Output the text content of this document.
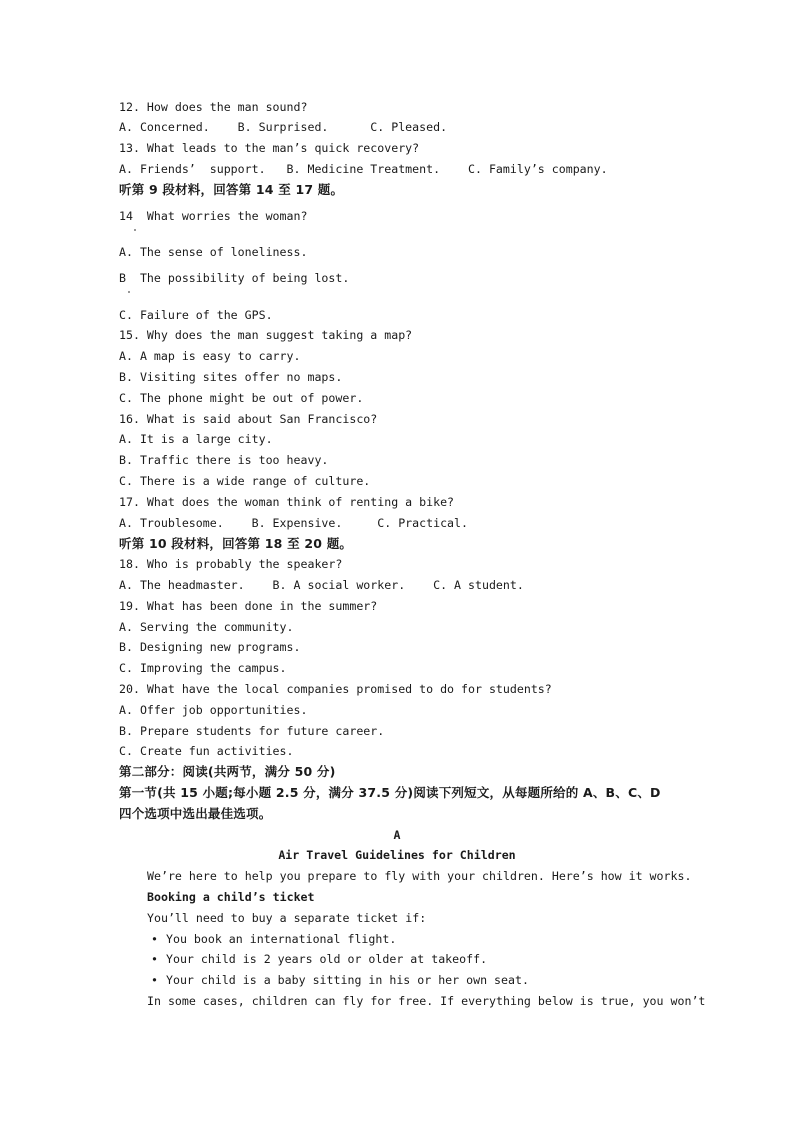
12. How does the man sound?
A. Concerned.    B. Surprised.      C. Pleased.
13. What leads to the man’s quick recovery?
A. Friends’  support.   B. Medicine Treatment.    C. Family’s company.
听第 9 段材料，回答第 14 至 17 题。
14  What worries the woman?
A. The sense of loneliness.
B  The possibility of being lost.
C. Failure of the GPS.
15. Why does the man suggest taking a map?
A. A map is easy to carry.
B. Visiting sites offer no maps.
C. The phone might be out of power.
16. What is said about San Francisco?
A. It is a large city.
B. Traffic there is too heavy.
C. There is a wide range of culture.
17. What does the woman think of renting a bike?
A. Troublesome.    B. Expensive.     C. Practical.
听第 10 段材料，回答第 18 至 20 题。
18. Who is probably the speaker?
A. The headmaster.    B. A social worker.    C. A student.
19. What has been done in the summer?
A. Serving the community.
B. Designing new programs.
C. Improving the campus.
20. What have the local companies promised to do for students?
A. Offer job opportunities.
B. Prepare students for future career.
C. Create fun activities.
第二部分：阅读(共两节，满分 50 分)
第一节(共 15 小题;每小题 2.5 分，满分 37.5 分)阅读下列短文，从每题所给的 A、B、C、D
四个选项中选出最佳选项。
A
Air Travel Guidelines for Children
We’re here to help you prepare to fly with your children. Here’s how it works.
Booking a child’s ticket
You’ll need to buy a separate ticket if:
• You book an international flight.
• Your child is 2 years old or older at takeoff.
• Your child is a baby sitting in his or her own seat.
In some cases, children can fly for free. If everything below is true, you won’t
